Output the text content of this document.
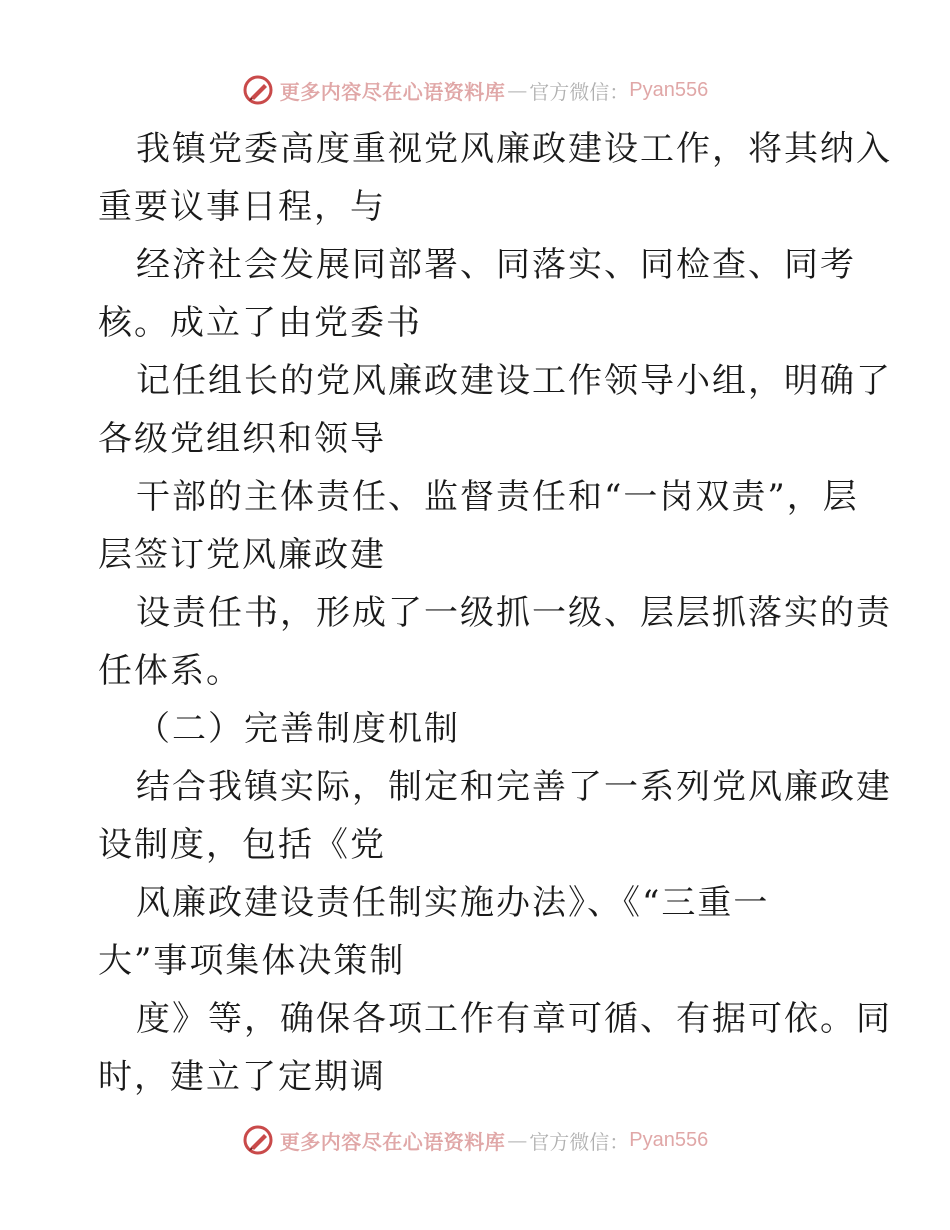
更多内容尽在心语资料库 — 官方微信： Pyan556
我镇党委高度重视党风廉政建设工作，将其纳入
重要议事日程，与
经济社会发展同部署、同落实、同检查、同考
核。成立了由党委书
记任组长的党风廉政建设工作领导小组，明确了
各级党组织和领导
干部的主体责任、监督责任和“一岗双责”，层
层签订党风廉政建
设责任书，形成了一级抓一级、层层抓落实的责
任体系。
（二）完善制度机制
结合我镇实际，制定和完善了一系列党风廉政建
设制度，包括《党
风廉政建设责任制实施办法》、《“三重一
大”事项集体决策制
度》等，确保各项工作有章可循、有据可依。同
时，建立了定期调
更多内容尽在心语资料库 — 官方微信： Pyan556
